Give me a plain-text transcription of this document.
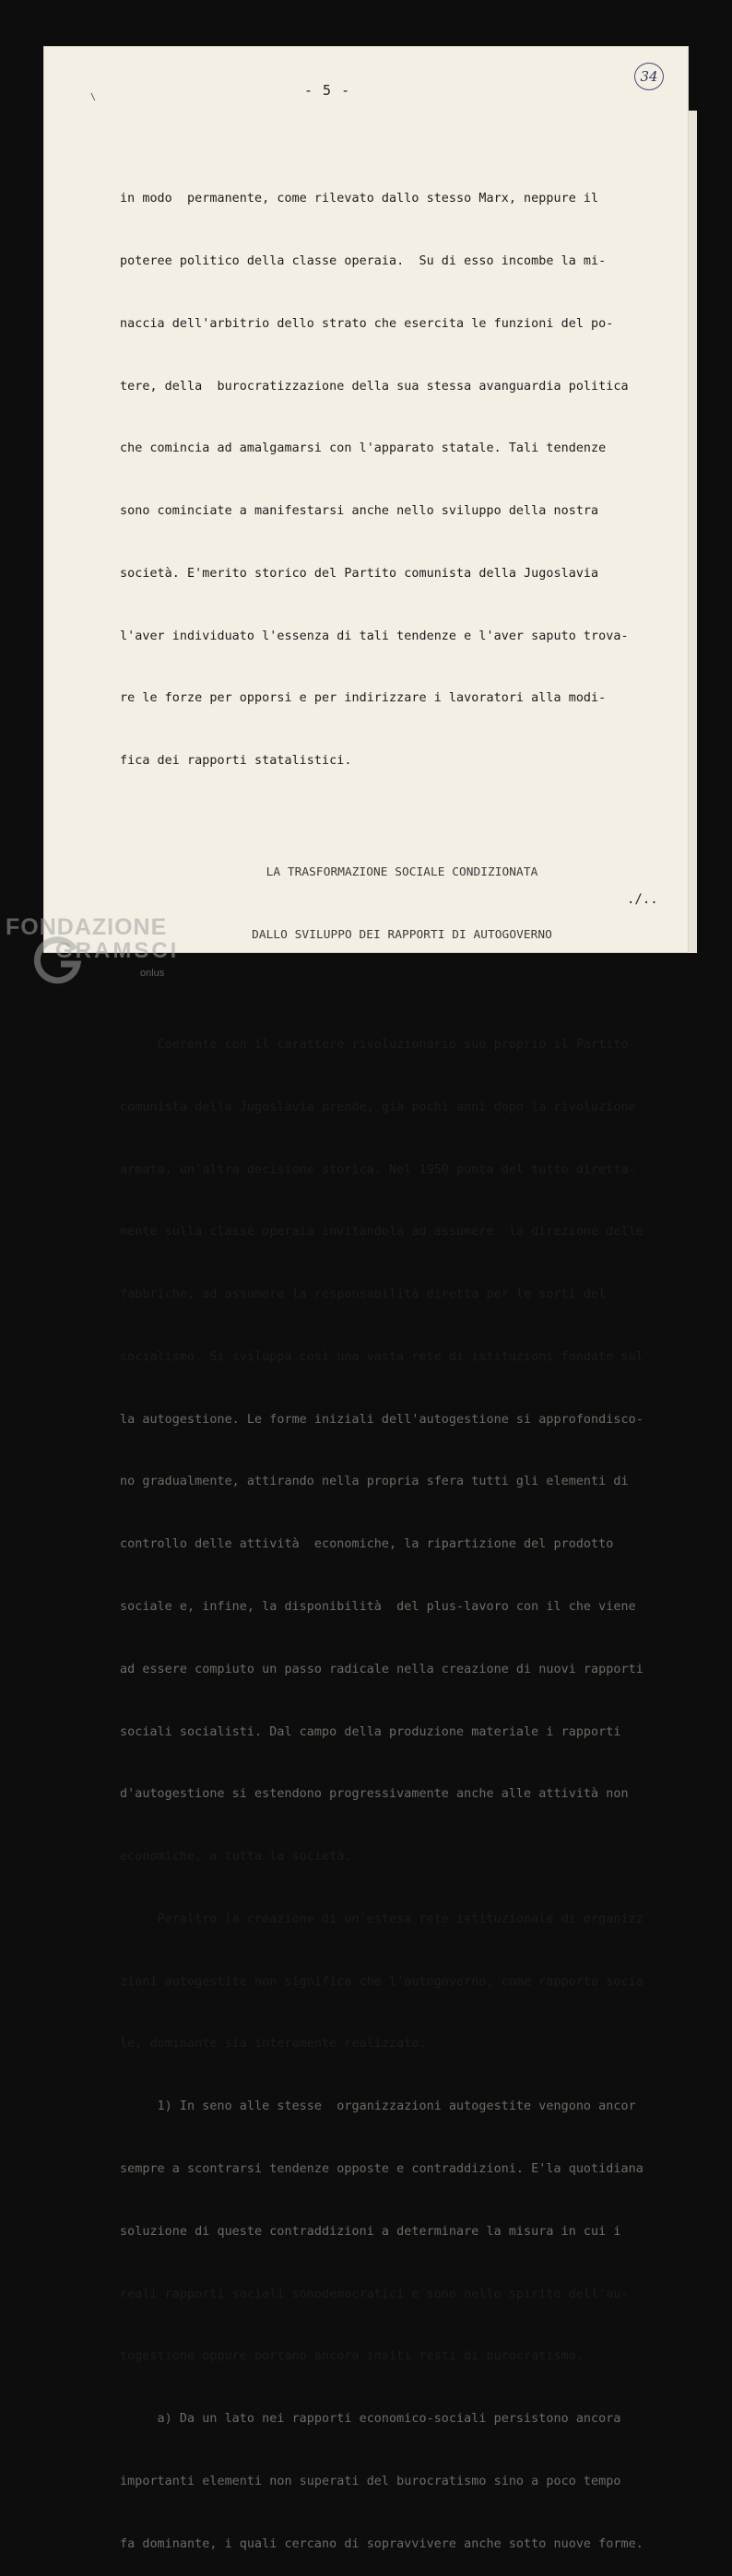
\	- 5 -
34

in modo  permanente, come rilevato dallo stesso Marx, neppure il

poteree politico della classe operaia.  Su di esso incombe la mi-

naccia dell'arbitrio dello strato che esercita le funzioni del po-

tere, della  burocratizzazione della sua stessa avanguardia politica

che comincia ad amalgamarsi con l'apparato statale. Tali tendenze

sono cominciate a manifestarsi anche nello sviluppo della nostra

società. E'merito storico del Partito comunista della Jugoslavia

l'aver individuato l'essenza di tali tendenze e l'aver saputo trova-

re le forze per opporsi e per indirizzare i lavoratori alla modi-

fica dei rapporti statalistici.

LA TRASFORMAZIONE SOCIALE CONDIZIONATA

DALLO SVILUPPO DEI RAPPORTI DI AUTOGOVERNO

Coerente con il carattere rivoluzionario suo proprio il Partito

comunista della Jugoslavia prende, già pochi anni dopo la rivoluzione

armata, un'altra decisione storica. Nel 1950 punta del tutto diretta-

mente sulla classe operaia invitandola ad assumere  la direzione delle

fabbriche, ad assumere la responsabilità diretta per le sorti del

socialismo. Si sviluppa così una vasta rete di istituzioni fondate sul

la autogestione. Le forme iniziali dell'autogestione si approfondisco-

no gradualmente, attirando nella propria sfera tutti gli elementi di

controllo delle attività  economiche, la ripartizione del prodotto

sociale e, infine, la disponibilità  del plus-lavoro con il che viene

ad essere compiuto un passo radicale nella creazione di nuovi rapporti

sociali socialisti. Dal campo della produzione materiale i rapporti

d'autogestione si estendono progressivamente anche alle attività non

economiche, a tutta la società.

Peraltro la creazione di un'estesa rete istituzionale di organizz

zioni autogestite non significa che l'autogoverno, come rapporto socia

le, dominante sia interamente realizzato.

1) In seno alle stesse  organizzazioni autogestite vengono ancor

sempre a scontrarsi tendenze opposte e contraddizioni. E'la quotidiana

soluzione di queste contraddizioni a determinare la misura in cui i

reali rapporti sociali sonodemocratici e sono nello spirito dell'au-

togestione oppure portano ancora insiti resti di burocratismo.

a) Da un lato nei rapporti economico-sociali persistono ancora

importanti elementi non superati del burocratismo sino a poco tempo

fa dominante, i quali cercano di sopravvivere anche sotto nuove forme.

./..
FONDAZIONE
GRAMSCI
onlus
